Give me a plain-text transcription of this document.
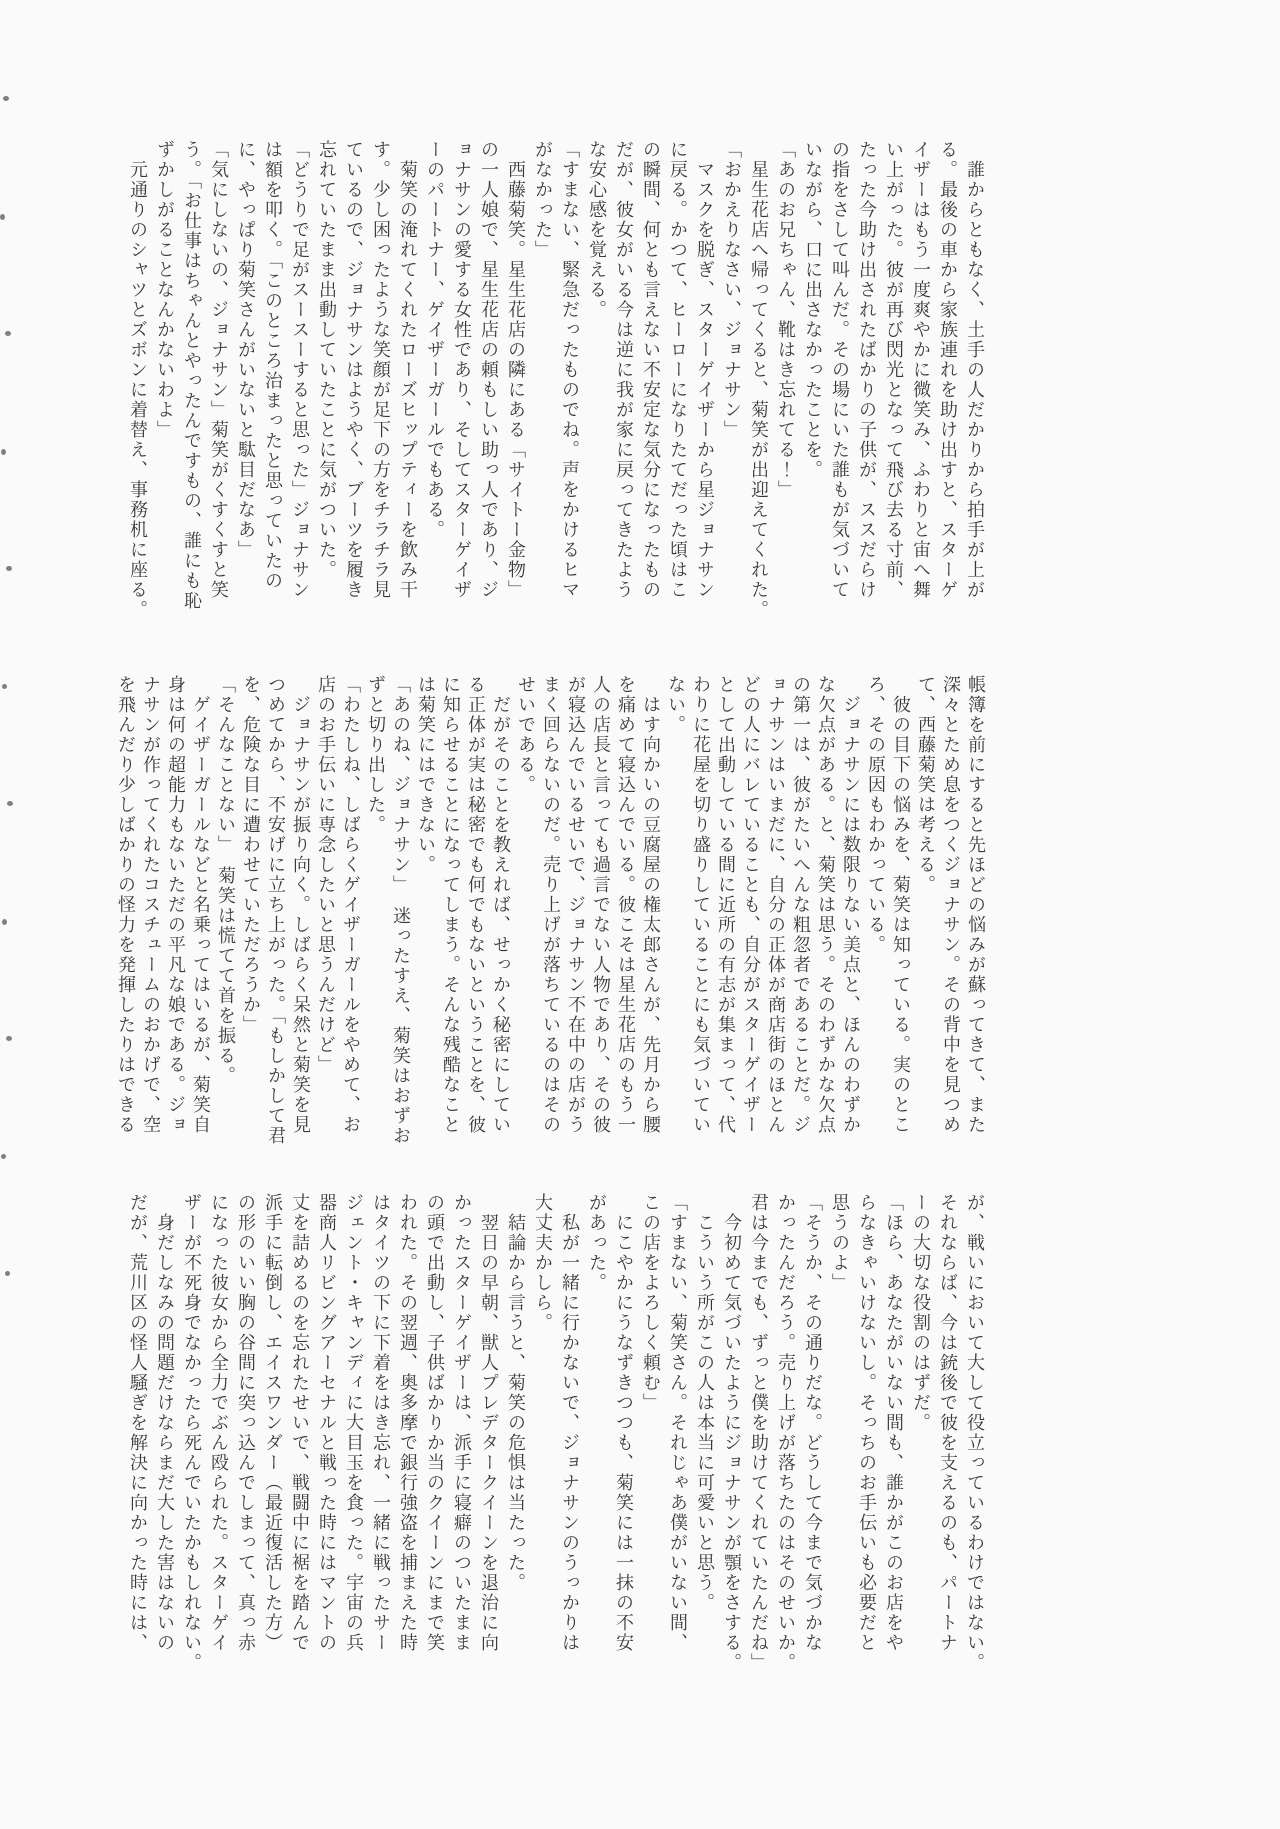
　誰からともなく、土手の人だかりから拍手が上が

る。最後の車から家族連れを助け出すと、スターゲ

イザーはもう一度爽やかに微笑み、ふわりと宙へ舞

い上がった。彼が再び閃光となって飛び去る寸前、

たった今助け出されたばかりの子供が、ススだらけ

の指をさして叫んだ。その場にいた誰もが気づいて

いながら、口に出さなかったことを。

「あのお兄ちゃん、靴はき忘れてる！」

　星生花店へ帰ってくると、菊笑が出迎えてくれた。

「おかえりなさい、ジョナサン」

　マスクを脱ぎ、スターゲイザーから星ジョナサン

に戻る。かつて、ヒーローになりたてだった頃はこ

の瞬間、何とも言えない不安定な気分になったもの

だが、彼女がいる今は逆に我が家に戻ってきたよう

な安心感を覚える。

「すまない、緊急だったものでね。声をかけるヒマ

がなかった」

　西藤菊笑。星生花店の隣にある「サイトー金物」

の一人娘で、星生花店の頼もしい助っ人であり、ジ

ョナサンの愛する女性であり、そしてスターゲイザ

ーのパートナー、ゲイザーガールでもある。

　菊笑の淹れてくれたローズヒップティーを飲み干

す。少し困ったような笑顔が足下の方をチラチラ見

ているので、ジョナサンはようやく、ブーツを履き

忘れていたまま出動していたことに気がついた。

「どうりで足がスースーすると思った」ジョナサン

は額を叩く。「このところ治まったと思っていたの

に、やっぱり菊笑さんがいないと駄目だなあ」

「気にしないの、ジョナサン」菊笑がくすくすと笑

う。「お仕事はちゃんとやったんですもの、誰にも恥

ずかしがることなんかないわよ」

　元通りのシャツとズボンに着替え、事務机に座る。

帳簿を前にすると先ほどの悩みが蘇ってきて、また

深々とため息をつくジョナサン。その背中を見つめ

て、西藤菊笑は考える。

　彼の目下の悩みを、菊笑は知っている。実のとこ

ろ、その原因もわかっている。

　ジョナサンには数限りない美点と、ほんのわずか

な欠点がある。と、菊笑は思う。そのわずかな欠点

の第一は、彼がたいへんな粗忽者であることだ。ジ

ョナサンはいまだに、自分の正体が商店街のほとん

どの人にバレていることも、自分がスターゲイザー

として出動している間に近所の有志が集まって、代

わりに花屋を切り盛りしていることにも気づいてい

ない。

　はす向かいの豆腐屋の権太郎さんが、先月から腰

を痛めて寝込んでいる。彼こそは星生花店のもう一

人の店長と言っても過言でない人物であり、その彼

が寝込んでいるせいで、ジョナサン不在中の店がう

まく回らないのだ。売り上げが落ちているのはその

せいである。

　だがそのことを教えれば、せっかく秘密にしてい

る正体が実は秘密でも何でもないということを、彼

に知らせることになってしまう。そんな残酷なこと

は菊笑にはできない。

「あのね、ジョナサン」　迷ったすえ、菊笑はおずお

ずと切り出した。

「わたしね、しばらくゲイザーガールをやめて、お

店のお手伝いに専念したいと思うんだけど」

　ジョナサンが振り向く。しばらく呆然と菊笑を見

つめてから、不安げに立ち上がった。「もしかして君

を、危険な目に遭わせていただろうか」

「そんなことない」　菊笑は慌てて首を振る。

　ゲイザーガールなどと名乗ってはいるが、菊笑自

身は何の超能力もないただの平凡な娘である。ジョ

ナサンが作ってくれたコスチュームのおかげで、空

を飛んだり少しばかりの怪力を発揮したりはできる

が、戦いにおいて大して役立っているわけではない。

それならば、今は銃後で彼を支えるのも、パートナ

ーの大切な役割のはずだ。

「ほら、あなたがいない間も、誰かがこのお店をや

らなきゃいけないし。そっちのお手伝いも必要だと

思うのよ」

「そうか、その通りだな。どうして今まで気づかな

かったんだろう。売り上げが落ちたのはそのせいか。

君は今までも、ずっと僕を助けてくれていたんだね」

　今初めて気づいたようにジョナサンが顎をさする。

　こういう所がこの人は本当に可愛いと思う。

「すまない、菊笑さん。それじゃあ僕がいない間、

この店をよろしく頼む」

　にこやかにうなずきつつも、菊笑には一抹の不安

があった。

　私が一緒に行かないで、ジョナサンのうっかりは

大丈夫かしら。

　結論から言うと、菊笑の危惧は当たった。

　翌日の早朝、獣人プレデタークイーンを退治に向

かったスターゲイザーは、派手に寝癖のついたまま

の頭で出動し、子供ばかりか当のクイーンにまで笑

われた。その翌週、奥多摩で銀行強盗を捕まえた時

はタイツの下に下着をはき忘れ、一緒に戦ったサー

ジェント・キャンディに大目玉を食った。宇宙の兵

器商人リビングアーセナルと戦った時にはマントの

丈を詰めるのを忘れたせいで、戦闘中に裾を踏んで

派手に転倒し、エイスワンダー（最近復活した方）

の形のいい胸の谷間に突っ込んでしまって、真っ赤

になった彼女から全力でぶん殴られた。スターゲイ

ザーが不死身でなかったら死んでいたかもしれない。

　身だしなみの問題だけならまだ大した害はないの

だが、荒川区の怪人騒ぎを解決に向かった時には、
